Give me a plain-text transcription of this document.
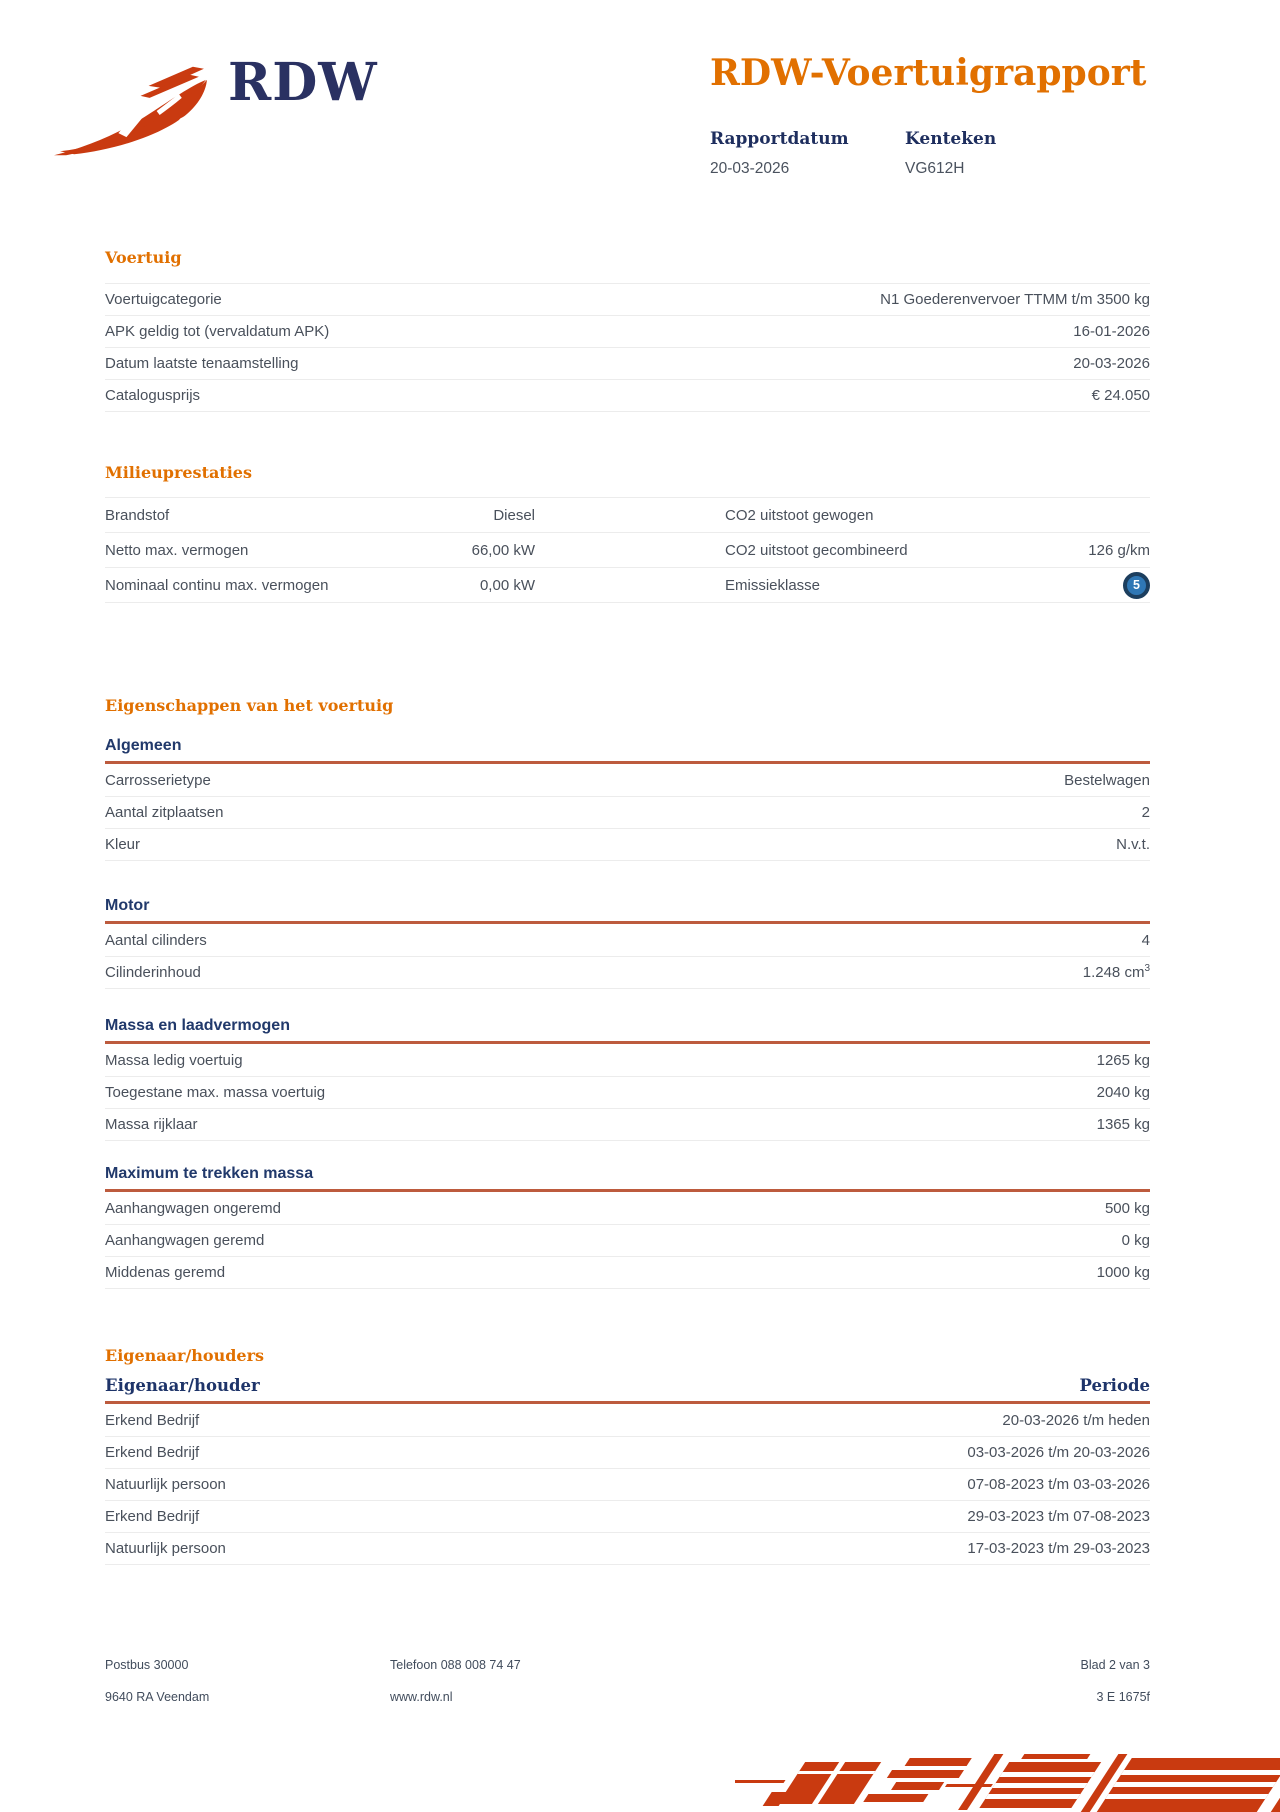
RDW	RDW-Voertuigrapport
Rapportdatum
20-03-2026
Kenteken
VG612H
Voertuig
Voertuigcategorie	N1 Goederenvervoer TTMM t/m 3500 kg
APK geldig tot (vervaldatum APK)	16-01-2026
Datum laatste tenaamstelling	20-03-2026
Catalogusprijs	€ 24.050
Milieuprestaties
Brandstof	Diesel	CO2 uitstoot gewogen
Netto max. vermogen	66,00 kW	CO2 uitstoot gecombineerd	126 g/km
Nominaal continu max. vermogen	0,00 kW	Emissieklasse	5
Eigenschappen van het voertuig
Algemeen
Carrosserietype	Bestelwagen
Aantal zitplaatsen	2
Kleur	N.v.t.
Motor
Aantal cilinders	4
Cilinderinhoud	1.248 $cm^3$
Massa en laadvermogen
Massa ledig voertuig	1265 kg
Toegestane max. massa voertuig	2040 kg
Massa rijklaar	1365 kg
Maximum te trekken massa
Aanhangwagen ongeremd	500 kg
Aanhangwagen geremd	0 kg
Middenas geremd	1000 kg
Eigenaar/houders
Eigenaar/houder	Periode
Erkend Bedrijf	20-03-2026 t/m heden
Erkend Bedrijf	03-03-2026 t/m 20-03-2026
Natuurlijk persoon	07-08-2023 t/m 03-03-2026
Erkend Bedrijf	29-03-2023 t/m 07-08-2023
Natuurlijk persoon	17-03-2023 t/m 29-03-2023
Postbus 30000
9640 RA Veendam
Telefoon 088 008 74 47
www.rdw.nl
Blad 2 van 3
3 E 1675f
